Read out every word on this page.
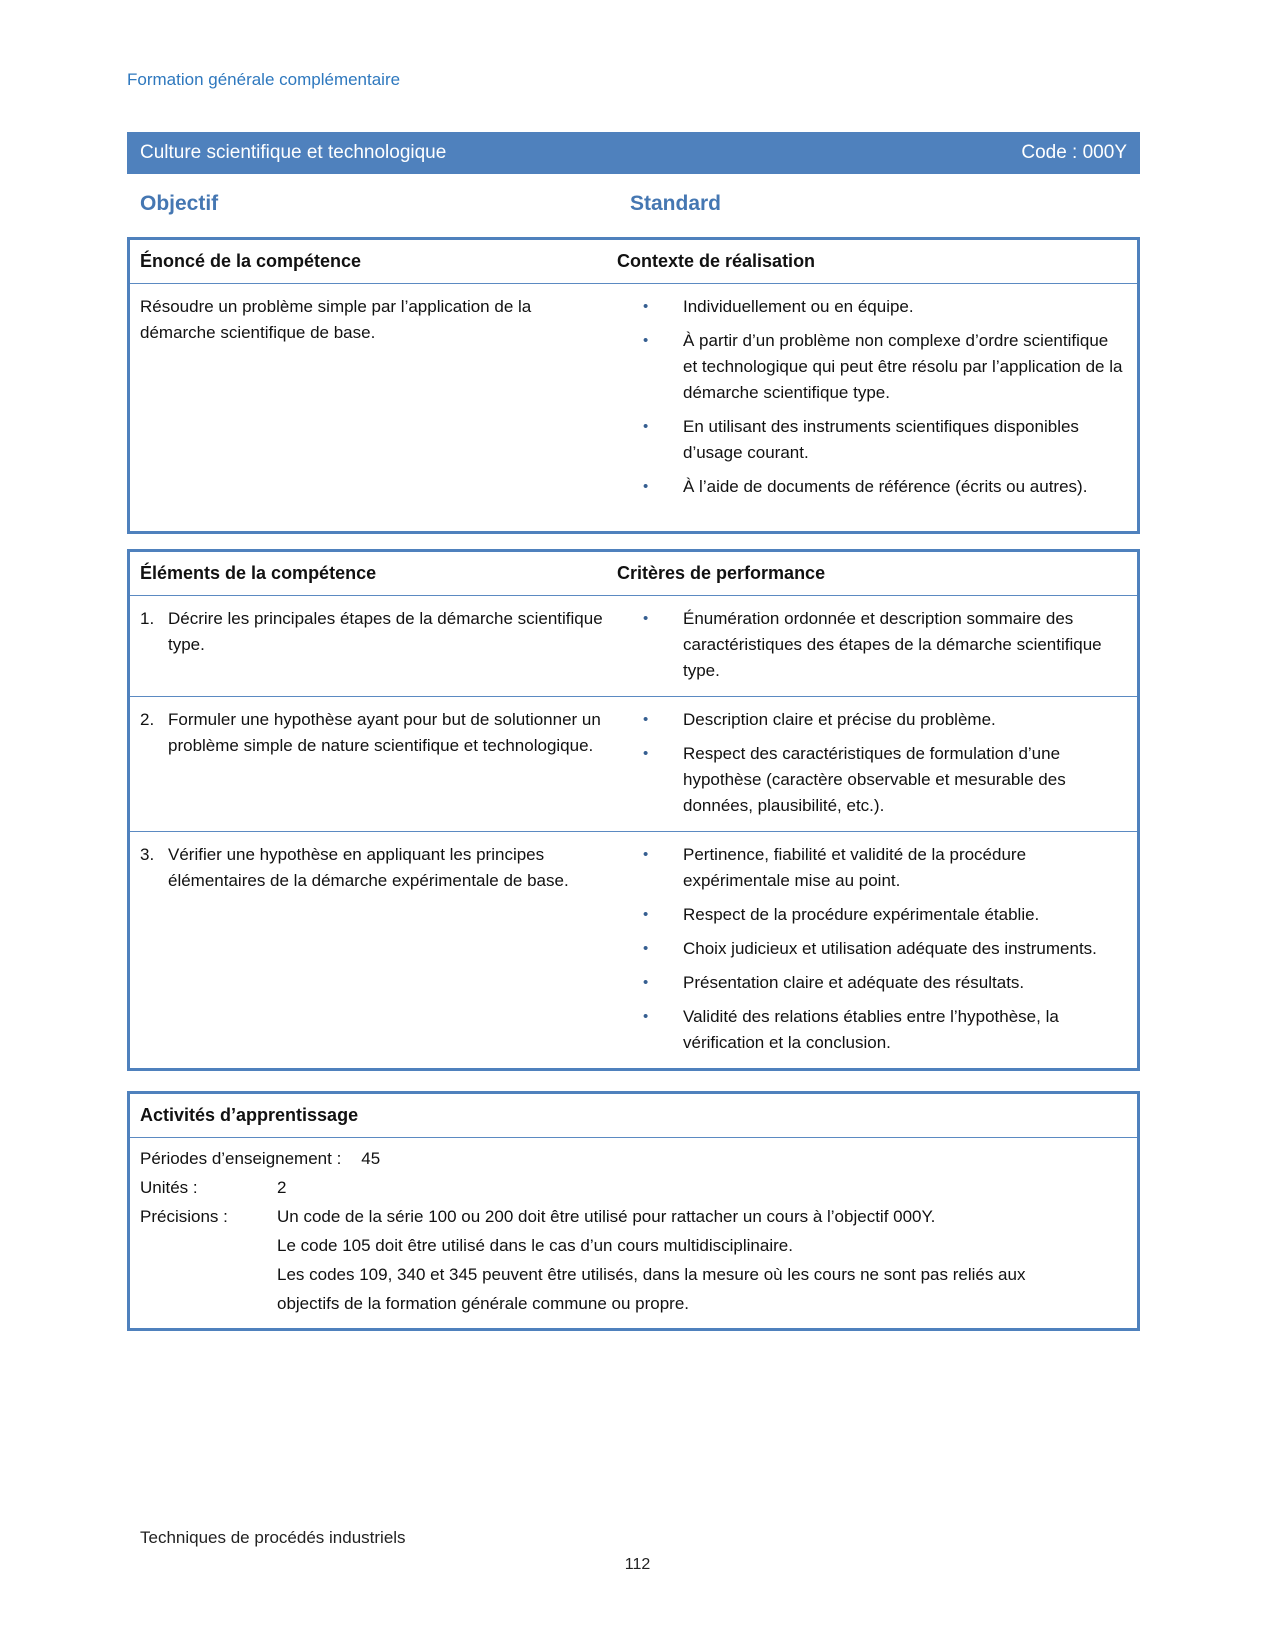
Formation générale complémentaire
Culture scientifique et technologique	Code : 000Y
Objectif	Standard
Énoncé de la compétence	Contexte de réalisation
Résoudre un problème simple par l’application de la démarche scientifique de base.
•	Individuellement ou en équipe.
•	À partir d’un problème non complexe d’ordre scientifique et technologique qui peut être résolu par l’application de la démarche scientifique type.
•	En utilisant des instruments scientifiques disponibles d’usage courant.
•	À l’aide de documents de référence (écrits ou autres).
Éléments de la compétence	Critères de performance
1. Décrire les principales étapes de la démarche scientifique type.
•	Énumération ordonnée et description sommaire des caractéristiques des étapes de la démarche scientifique type.
2. Formuler une hypothèse ayant pour but de solutionner un problème simple de nature scientifique et technologique.
•	Description claire et précise du problème.
•	Respect des caractéristiques de formulation d’une hypothèse (caractère observable et mesurable des données, plausibilité, etc.).
3. Vérifier une hypothèse en appliquant les principes élémentaires de la démarche expérimentale de base.
•	Pertinence, fiabilité et validité de la procédure expérimentale mise au point.
•	Respect de la procédure expérimentale établie.
•	Choix judicieux et utilisation adéquate des instruments.
•	Présentation claire et adéquate des résultats.
•	Validité des relations établies entre l’hypothèse, la vérification et la conclusion.
Activités d’apprentissage
Périodes d’enseignement : 45
Unités :	2
Précisions :	Un code de la série 100 ou 200 doit être utilisé pour rattacher un cours à l’objectif 000Y.
Le code 105 doit être utilisé dans le cas d’un cours multidisciplinaire.
Les codes 109, 340 et 345 peuvent être utilisés, dans la mesure où les cours ne sont pas reliés aux objectifs de la formation générale commune ou propre.
Techniques de procédés industriels
112
